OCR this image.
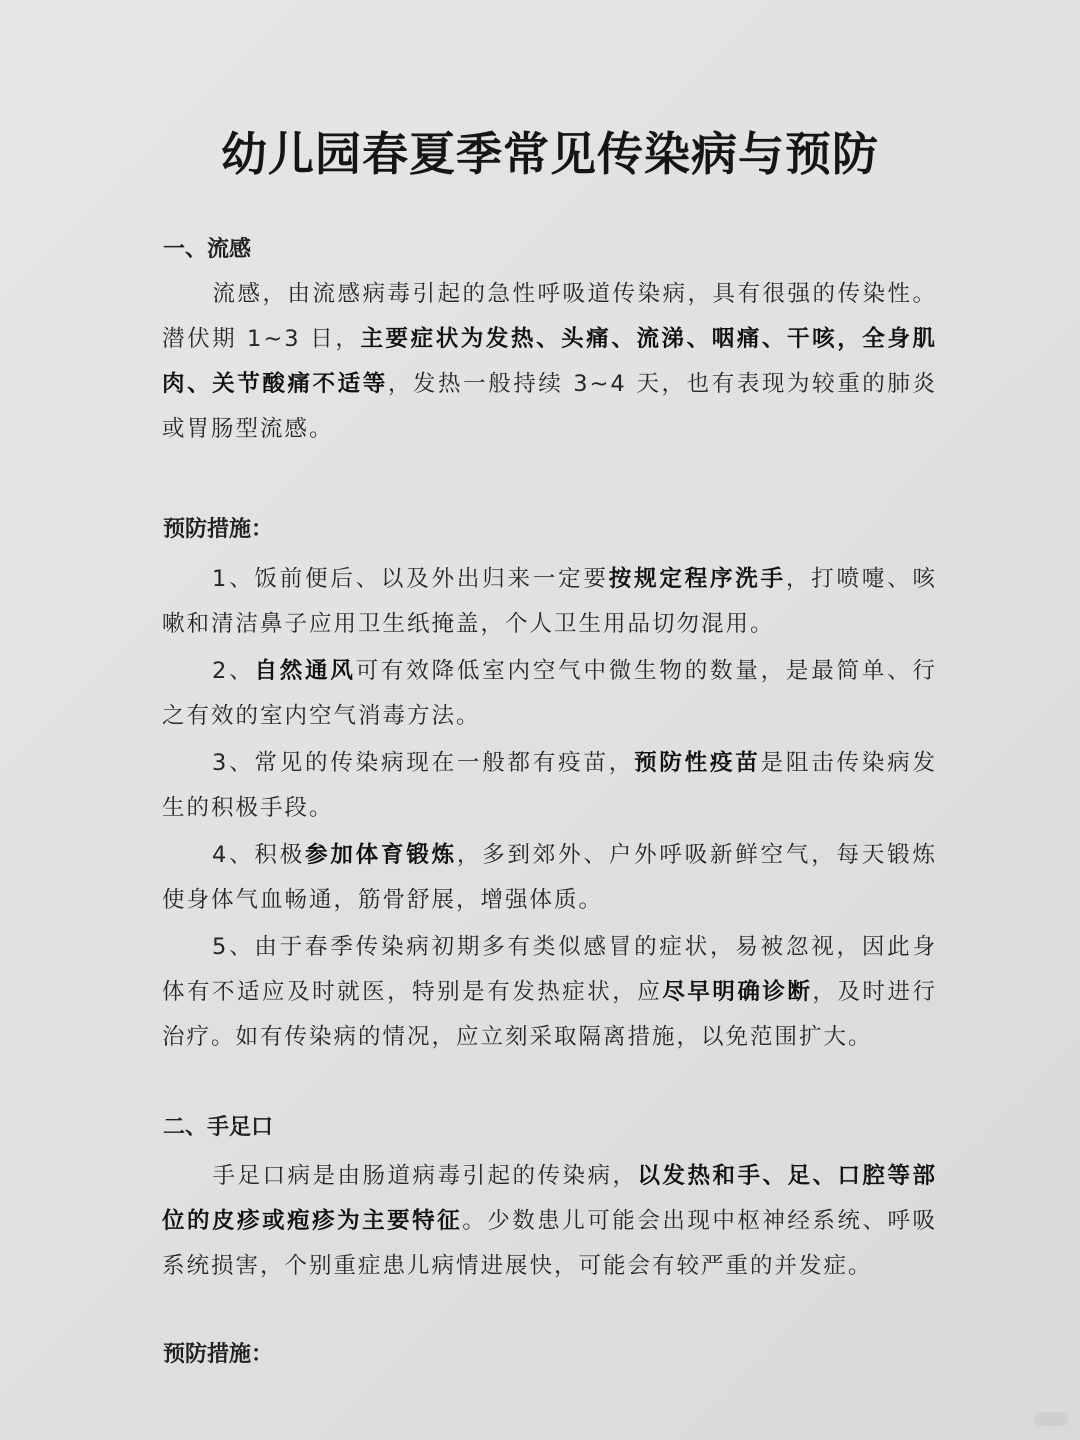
幼儿园春夏季常见传染病与预防
一、流感
流感，由流感病毒引起的急性呼吸道传染病，具有很强的传染性。潜伏期 1~3 日，主要症状为发热、头痛、流涕、咽痛、干咳，全身肌肉、关节酸痛不适等，发热一般持续 3~4 天，也有表现为较重的肺炎或胃肠型流感。
预防措施：
1、饭前便后、以及外出归来一定要按规定程序洗手，打喷嚏、咳嗽和清洁鼻子应用卫生纸掩盖，个人卫生用品切勿混用。
2、自然通风可有效降低室内空气中微生物的数量，是最简单、行之有效的室内空气消毒方法。
3、常见的传染病现在一般都有疫苗，预防性疫苗是阻击传染病发生的积极手段。
4、积极参加体育锻炼，多到郊外、户外呼吸新鲜空气，每天锻炼使身体气血畅通，筋骨舒展，增强体质。
5、由于春季传染病初期多有类似感冒的症状，易被忽视，因此身体有不适应及时就医，特别是有发热症状，应尽早明确诊断，及时进行治疗。如有传染病的情况，应立刻采取隔离措施，以免范围扩大。
二、手足口
手足口病是由肠道病毒引起的传染病，以发热和手、足、口腔等部位的皮疹或疱疹为主要特征。少数患儿可能会出现中枢神经系统、呼吸系统损害，个别重症患儿病情进展快，可能会有较严重的并发症。
预防措施：
